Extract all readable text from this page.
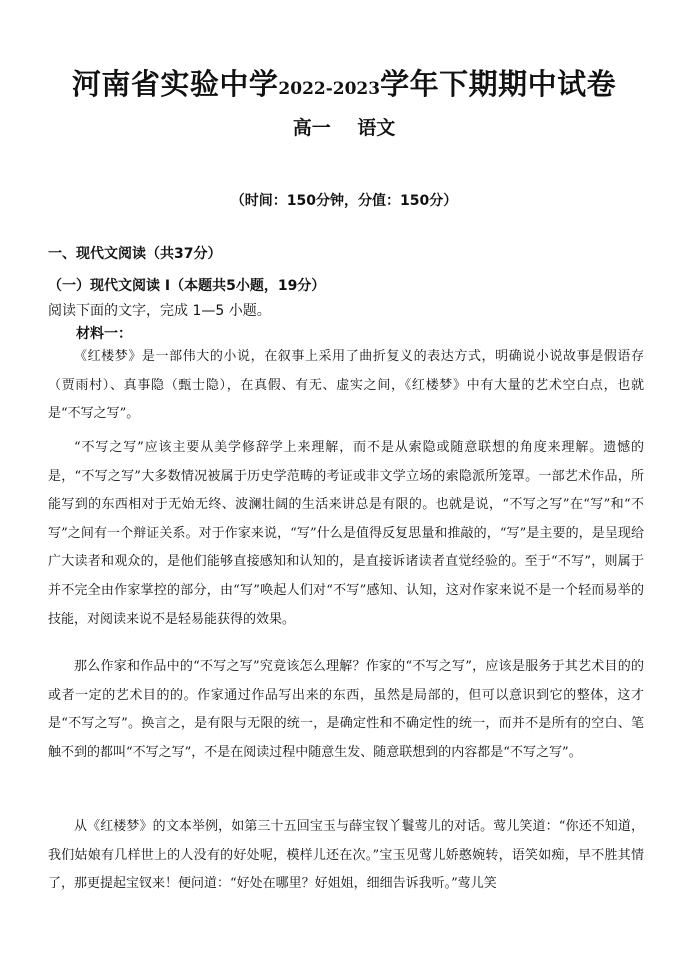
河南省实验中学2022-2023学年下期期中试卷
高一    语文
（时间：150分钟，分值：150分）
一、现代文阅读（共37分）
（一）现代文阅读 I（本题共5小题，19分）
阅读下面的文字，完成 1—5 小题。
材料一：

《红楼梦》是一部伟大的小说，在叙事上采用了曲折复义的表达方式，明确说小说故事是假语存（贾雨村）、真事隐（甄士隐），在真假、有无、虚实之间，《红楼梦》中有大量的艺术空白点，也就是“不写之写”。

“不写之写”应该主要从美学修辞学上来理解，而不是从索隐或随意联想的角度来理解。遗憾的是，“不写之写”大多数情况被属于历史学范畴的考证或非文学立场的索隐派所笼罩。一部艺术作品，所能写到的东西相对于无始无终、波澜壮阔的生活来讲总是有限的。也就是说，“不写之写”在“写”和“不写”之间有一个辩证关系。对于作家来说，“写”什么是值得反复思量和推敲的，“写”是主要的，是呈现给广大读者和观众的，是他们能够直接感知和认知的，是直接诉诸读者直觉经验的。至于“不写”，则属于并不完全由作家掌控的部分，由“写”唤起人们对“不写”感知、认知，这对作家来说不是一个轻而易举的技能，对阅读来说不是轻易能获得的效果。

那么作家和作品中的“不写之写”究竟该怎么理解？作家的“不写之写”，应该是服务于其艺术目的的或者一定的艺术目的的。作家通过作品写出来的东西，虽然是局部的，但可以意识到它的整体，这才是“不写之写”。换言之，是有限与无限的统一，是确定性和不确定性的统一，而并不是所有的空白、笔触不到的都叫“不写之写”，不是在阅读过程中随意生发、随意联想到的内容都是“不写之写”。

从《红楼梦》的文本举例，如第三十五回宝玉与薛宝钗丫鬟莺儿的对话。莺儿笑道：“你还不知道，我们姑娘有几样世上的人没有的好处呢，模样儿还在次。”宝玉见莺儿娇憨婉转，语笑如痴，早不胜其情了，那更提起宝钗来！便问道：“好处在哪里？好姐姐，细细告诉我听。”莺儿笑
